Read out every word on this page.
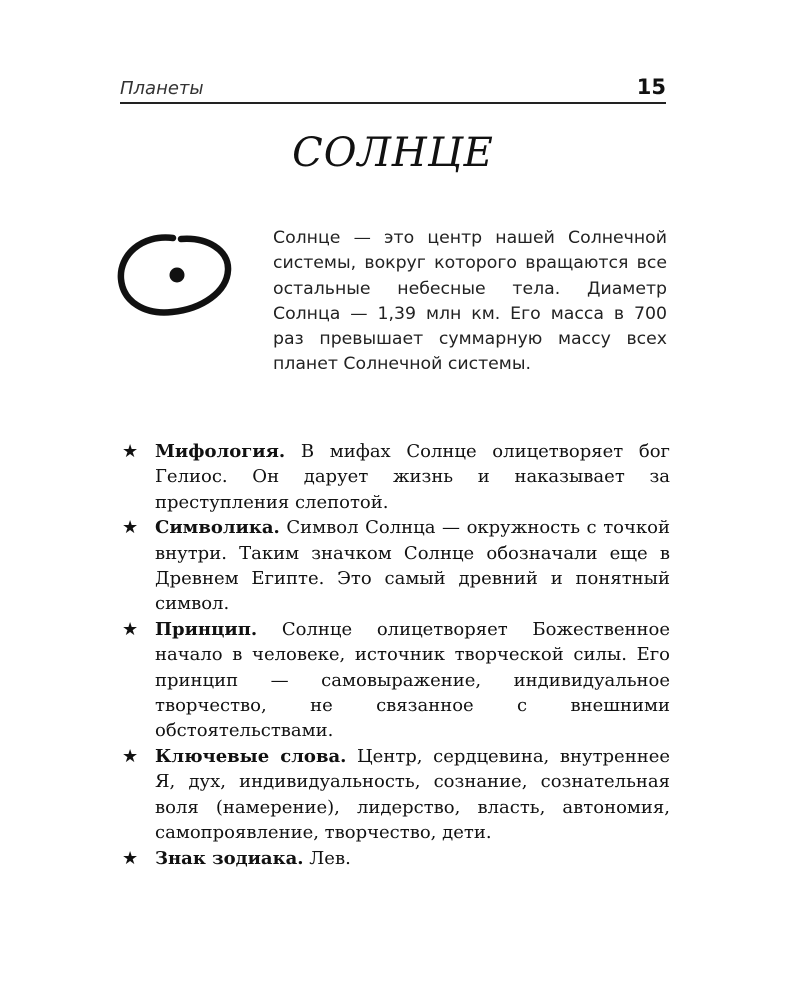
Планеты	15
СОЛНЦЕ
Солнце — это центр нашей Солнечной системы, вокруг которого вращаются все остальные небесные тела. Диаметр Солнца — 1,39 млн км. Его масса в 700 раз превышает суммарную массу всех планет Солнечной системы.
★ Мифология. В мифах Солнце олицетворяет бог Гелиос. Он дарует жизнь и наказывает за преступления слепотой.
★ Символика. Символ Солнца — окружность с точкой внутри. Таким значком Солнце обозначали еще в Древнем Египте. Это самый древний и понятный символ.
★ Принцип. Солнце олицетворяет Божественное начало в человеке, источник творческой силы. Его принцип — самовыражение, индивидуальное творчество, не связанное с внешними обстоятельствами.
★ Ключевые слова. Центр, сердцевина, внутреннее Я, дух, индивидуальность, сознание, сознательная воля (намерение), лидерство, власть, автономия, самопроявление, творчество, дети.
★ Знак зодиака. Лев.
